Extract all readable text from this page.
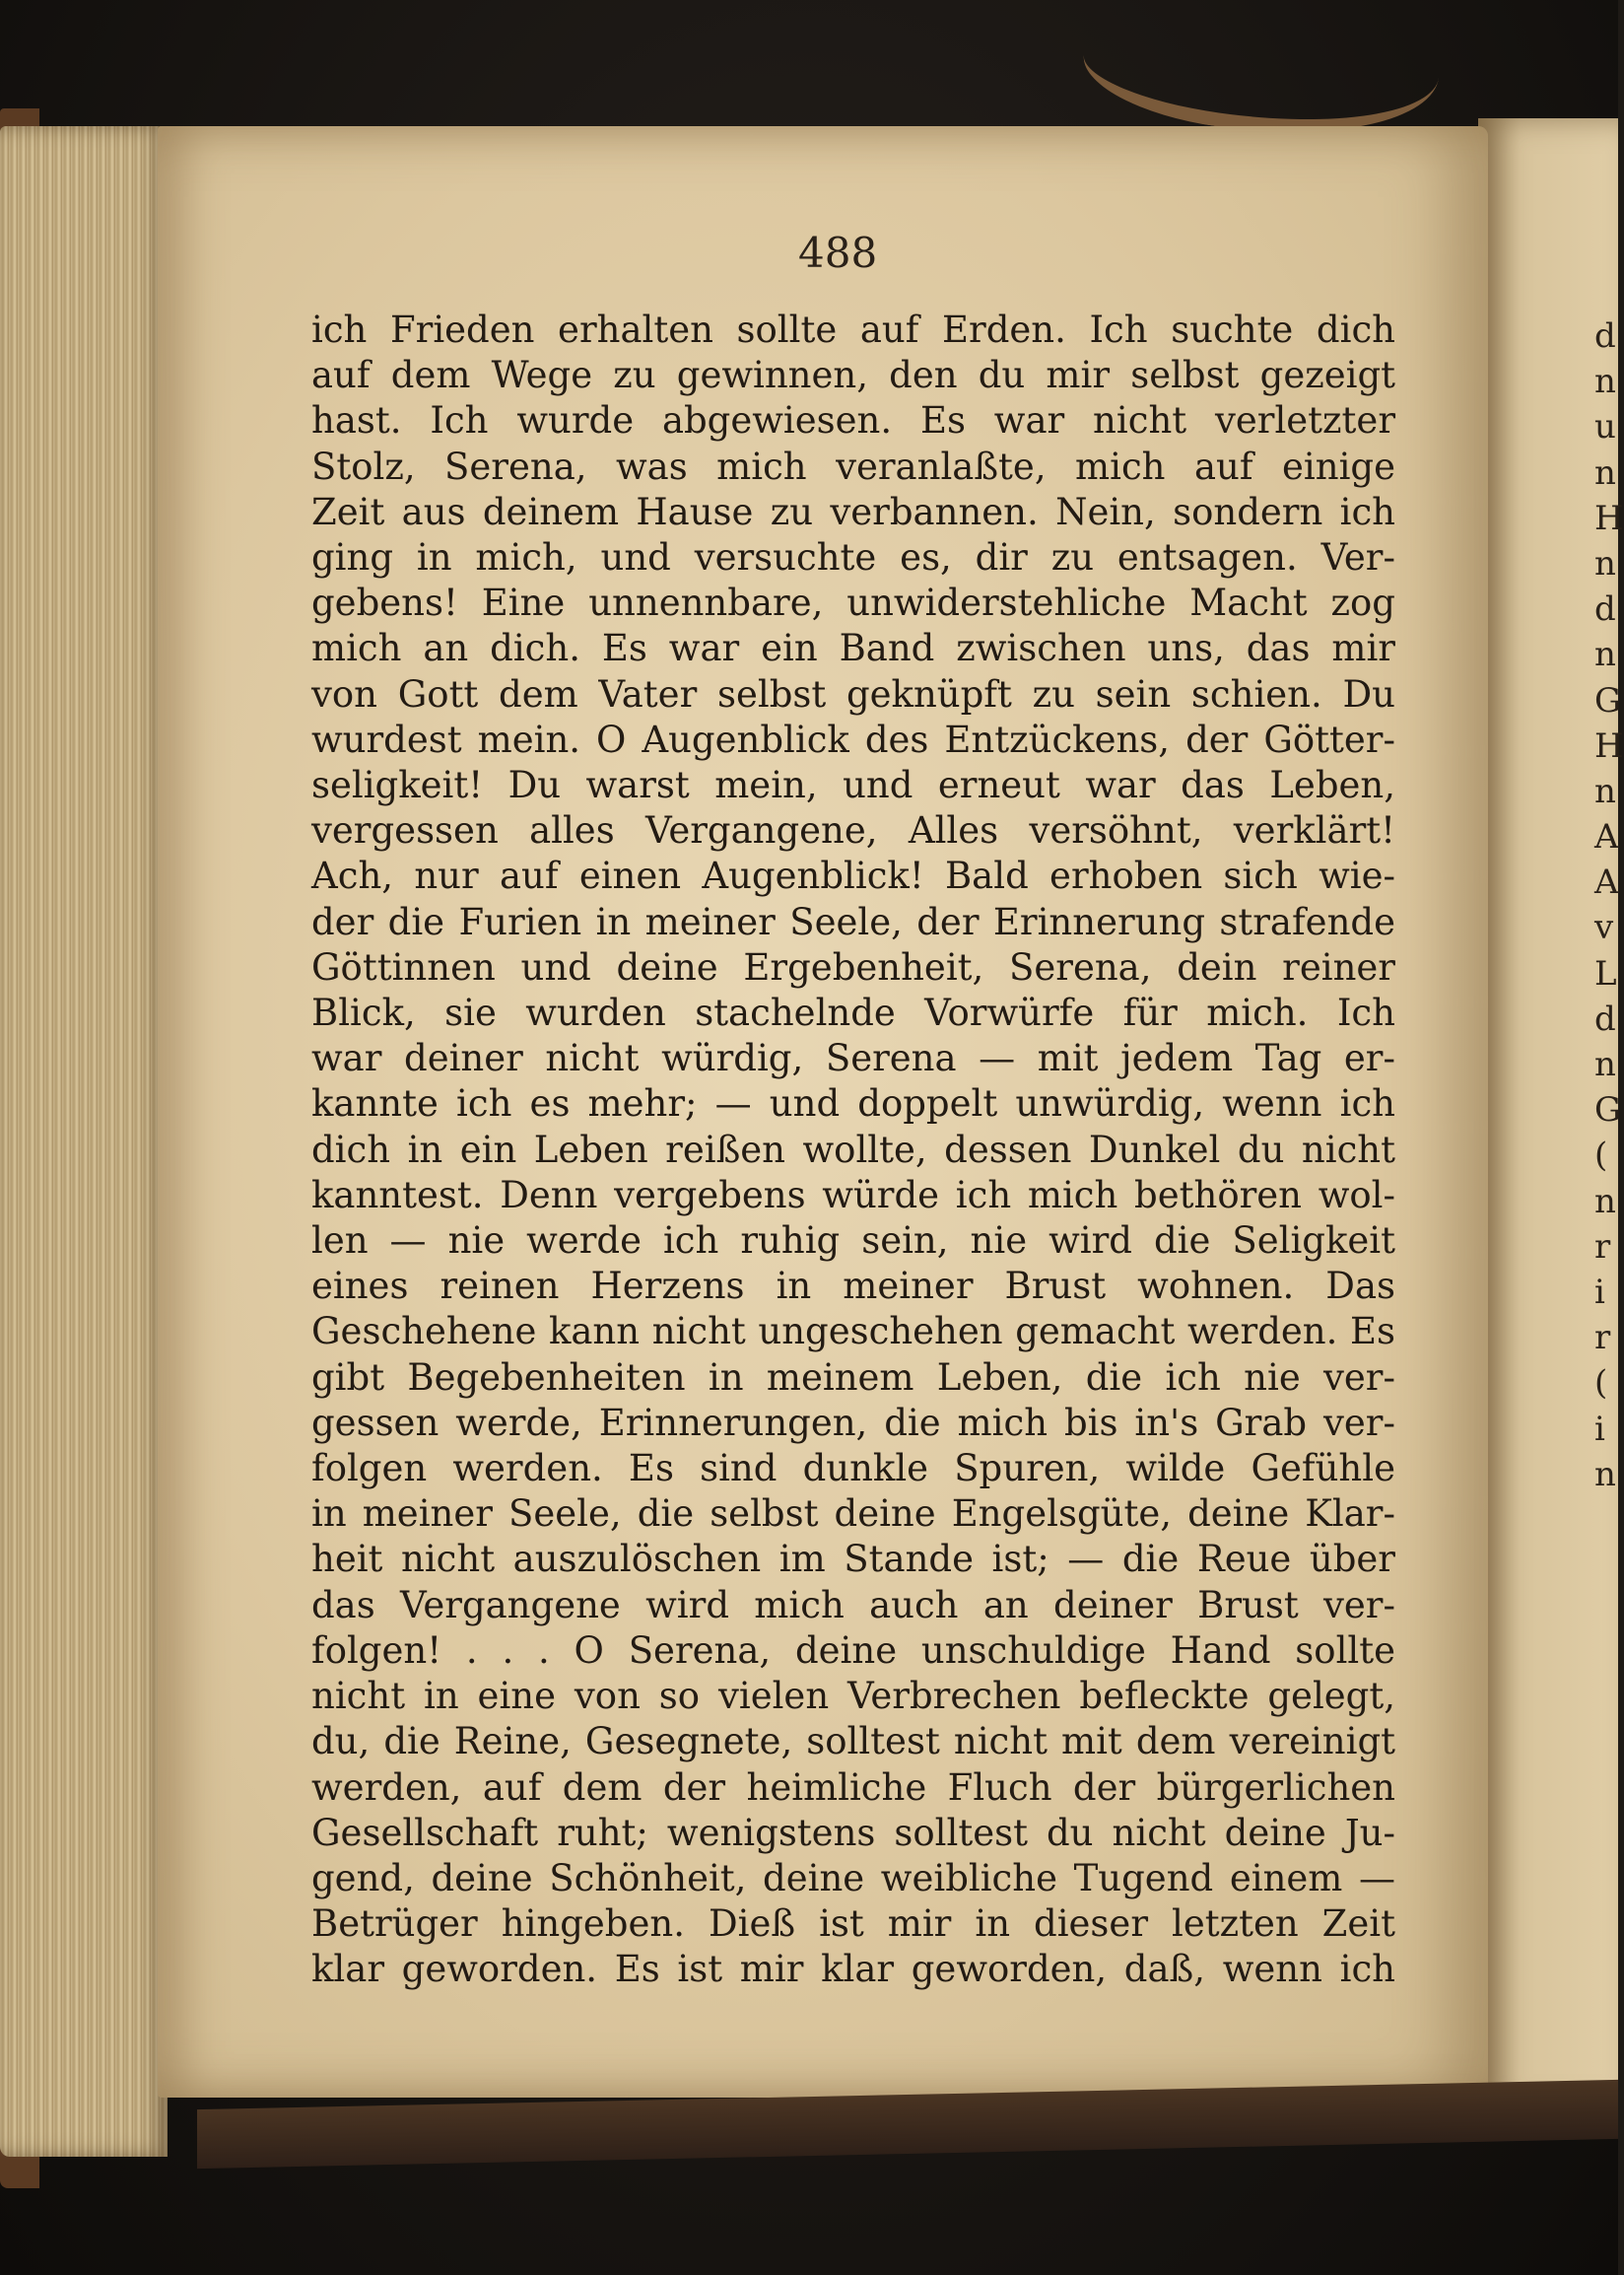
488
ich Frieden erhalten sollte auf Erden. Ich suchte dich
auf dem Wege zu gewinnen, den du mir selbst gezeigt
hast. Ich wurde abgewiesen. Es war nicht verletzter
Stolz, Serena, was mich veranlaßte, mich auf einige
Zeit aus deinem Hause zu verbannen. Nein, sondern ich
ging in mich, und versuchte es, dir zu entsagen. Ver-
gebens! Eine unnennbare, unwiderstehliche Macht zog
mich an dich. Es war ein Band zwischen uns, das mir
von Gott dem Vater selbst geknüpft zu sein schien. Du
wurdest mein. O Augenblick des Entzückens, der Götter-
seligkeit! Du warst mein, und erneut war das Leben,
vergessen alles Vergangene, Alles versöhnt, verklärt!
Ach, nur auf einen Augenblick! Bald erhoben sich wie-
der die Furien in meiner Seele, der Erinnerung strafende
Göttinnen und deine Ergebenheit, Serena, dein reiner
Blick, sie wurden stachelnde Vorwürfe für mich. Ich
war deiner nicht würdig, Serena — mit jedem Tag er-
kannte ich es mehr; — und doppelt unwürdig, wenn ich
dich in ein Leben reißen wollte, dessen Dunkel du nicht
kanntest. Denn vergebens würde ich mich bethören wol-
len — nie werde ich ruhig sein, nie wird die Seligkeit
eines reinen Herzens in meiner Brust wohnen. Das
Geschehene kann nicht ungeschehen gemacht werden. Es
gibt Begebenheiten in meinem Leben, die ich nie ver-
gessen werde, Erinnerungen, die mich bis in's Grab ver-
folgen werden. Es sind dunkle Spuren, wilde Gefühle
in meiner Seele, die selbst deine Engelsgüte, deine Klar-
heit nicht auszulöschen im Stande ist; — die Reue über
das Vergangene wird mich auch an deiner Brust ver-
folgen! . . . O Serena, deine unschuldige Hand sollte
nicht in eine von so vielen Verbrechen befleckte gelegt,
du, die Reine, Gesegnete, solltest nicht mit dem vereinigt
werden, auf dem der heimliche Fluch der bürgerlichen
Gesellschaft ruht; wenigstens solltest du nicht deine Ju-
gend, deine Schönheit, deine weibliche Tugend einem —
Betrüger hingeben. Dieß ist mir in dieser letzten Zeit
klar geworden. Es ist mir klar geworden, daß, wenn ich
d
n
u
n
H
n
d
n
G
H
n
A
A
v
L
d
n
G
(
n
r
i
r
(
i
n
